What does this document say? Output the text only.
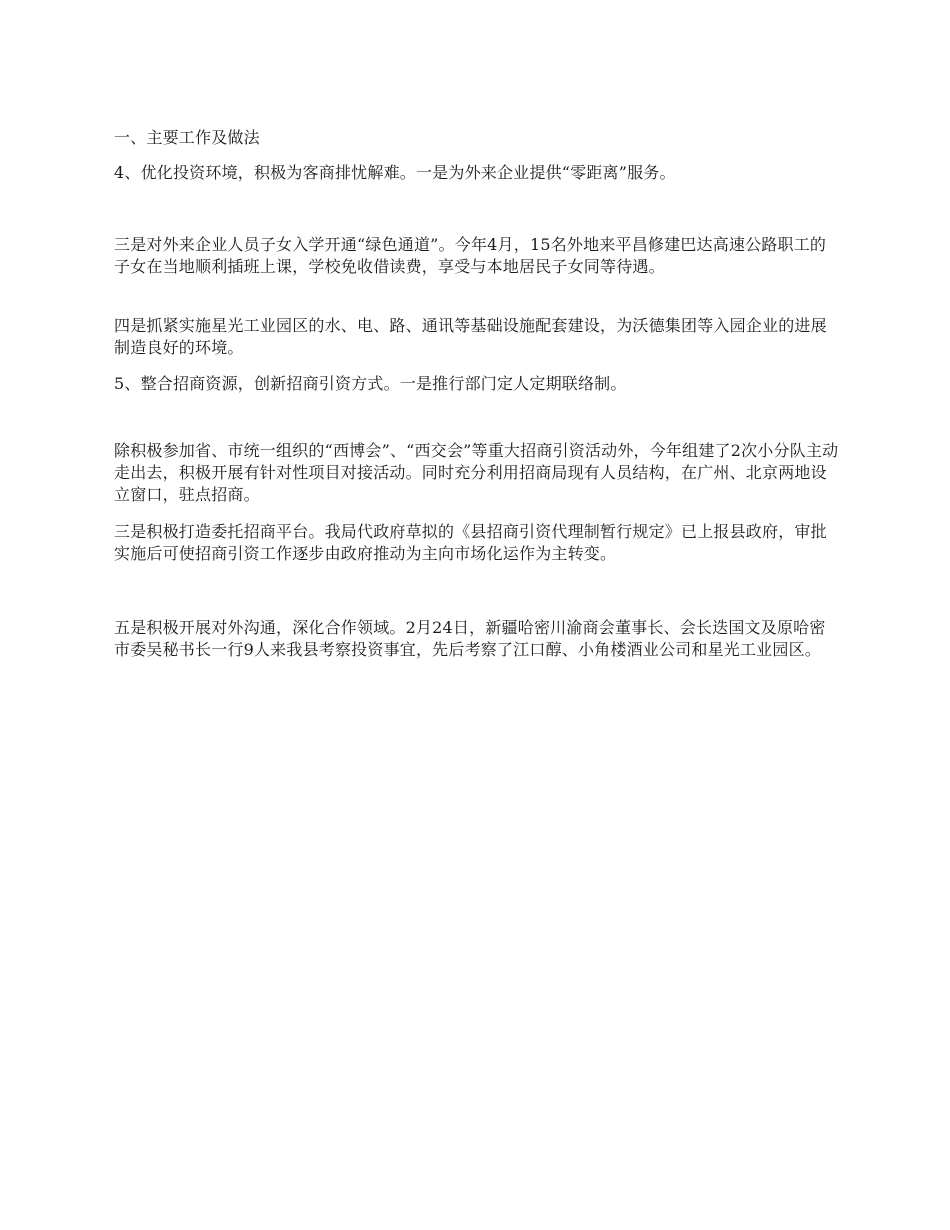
一、主要工作及做法

4、优化投资环境，积极为客商排忧解难。一是为外来企业提供“零距离”服务。

三是对外来企业人员子女入学开通“绿色通道”。今年4月，15名外地来平昌修建巴达高速公路职工的子女在当地顺利插班上课，学校免收借读费，享受与本地居民子女同等待遇。

四是抓紧实施星光工业园区的水、电、路、通讯等基础设施配套建设，为沃德集团等入园企业的进展制造良好的环境。

5、整合招商资源，创新招商引资方式。一是推行部门定人定期联络制。

除积极参加省、市统一组织的“西博会”、“西交会”等重大招商引资活动外，今年组建了2次小分队主动走出去，积极开展有针对性项目对接活动。同时充分利用招商局现有人员结构，在广州、北京两地设立窗口，驻点招商。

三是积极打造委托招商平台。我局代政府草拟的《县招商引资代理制暂行规定》已上报县政府，审批实施后可使招商引资工作逐步由政府推动为主向市场化运作为主转变。

五是积极开展对外沟通，深化合作领域。2月24日，新疆哈密川渝商会董事长、会长迭国文及原哈密市委吴秘书长一行9人来我县考察投资事宜，先后考察了江口醇、小角楼酒业公司和星光工业园区。
